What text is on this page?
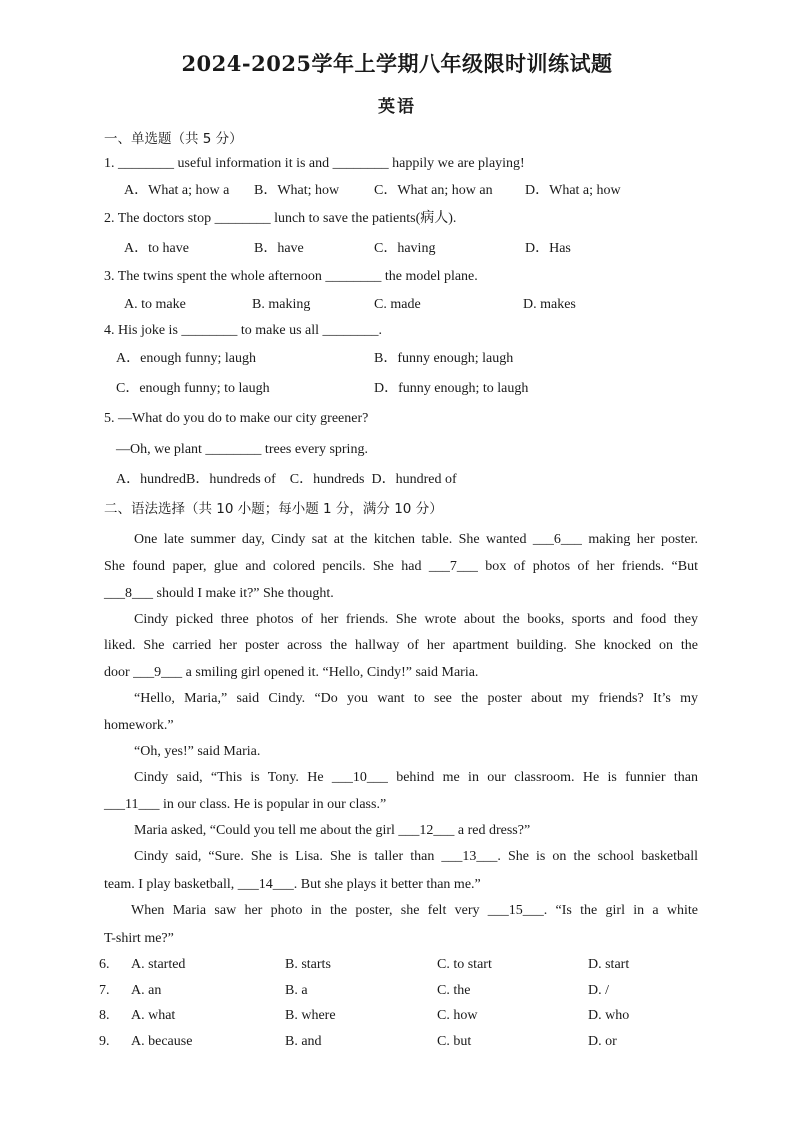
2024-2025学年上学期八年级限时训练试题
英语
一、单选题（共 5 分）
1. ________ useful information it is and ________ happily we are playing!
A．What a; how a B．What; how C．What an; how an D．What a; how
2. The doctors stop ________ lunch to save the patients(病人).
A．to have	B．have	C．having	D．Has
3. The twins spent the whole afternoon ________ the model plane.
A. to make	B. making	C. made	D. makes
4. His joke is ________ to make us all ________.
A．enough funny; laugh	B．funny enough; laugh
C．enough funny; to laugh	D．funny enough; to laugh
5. —What do you do to make our city greener?
—Oh, we plant ________ trees every spring.
A．hundredB．hundreds of    C．hundreds  D．hundred of
二、语法选择（共 10 小题；每小题 1 分，满分 10 分）
One late summer day, Cindy sat at the kitchen table. She wanted ___6___ making her poster.
She found paper, glue and colored pencils. She had ___7___ box of photos of her friends. “But
___8___ should I make it?” She thought.
Cindy picked three photos of her friends. She wrote about the books, sports and food they
liked. She carried her poster across the hallway of her apartment building. She knocked on the
door ___9___ a smiling girl opened it. “Hello, Cindy!” said Maria.
“Hello, Maria,” said Cindy. “Do you want to see the poster about my friends? It’s my
homework.”
“Oh, yes!” said Maria.
Cindy said, “This is Tony. He ___10___ behind me in our classroom. He is funnier than
___11___ in our class. He is popular in our class.”
Maria asked, “Could you tell me about the girl ___12___ a red dress?”
Cindy said, “Sure. She is Lisa. She is taller than ___13___. She is on the school basketball
team. I play basketball, ___14___. But she plays it better than me.”
When Maria saw her photo in the poster, she felt very ___15___. “Is the girl in a white
T-shirt me?”
6. A. started	B. starts	C. to start	D. start
7. A. an	B. a	C. the	D. /
8. A. what	B. where	C. how	D. who
9. A. because	B. and	C. but	D. or
